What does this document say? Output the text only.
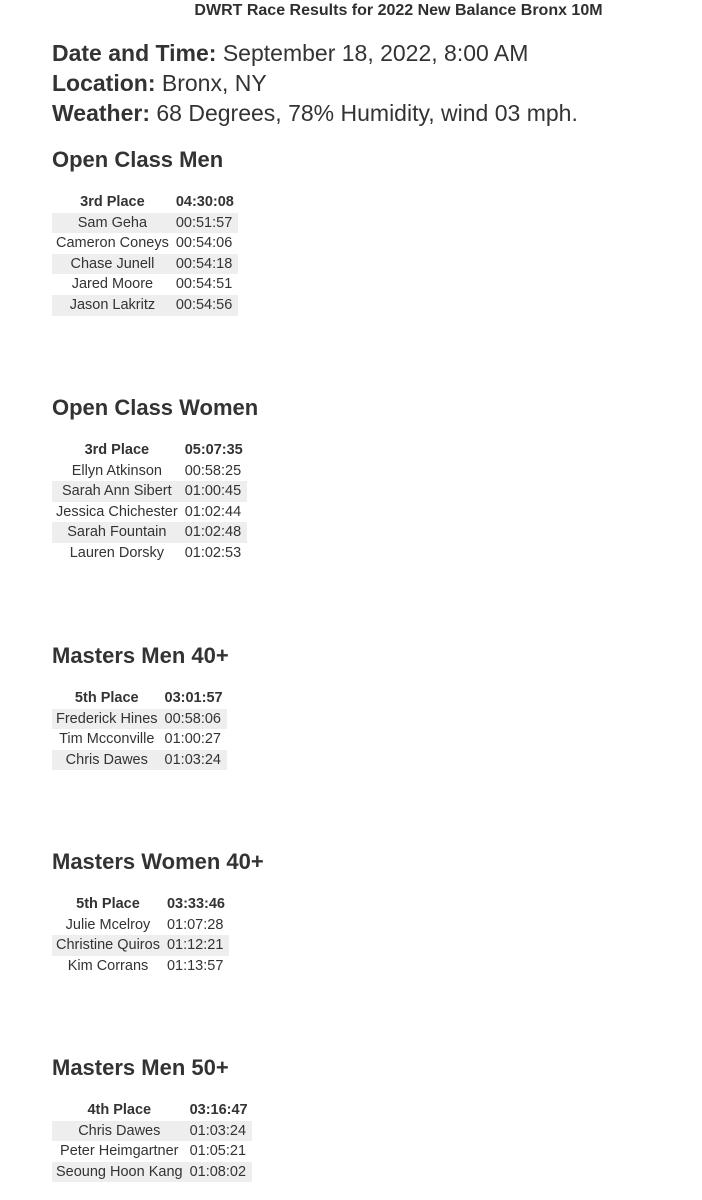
DWRT Race Results for 2022 New Balance Bronx 10M
Date and Time: September 18, 2022, 8:00 AM
Location: Bronx, NY
Weather: 68 Degrees, 78% Humidity, wind 03 mph.
Open Class Men
3rd Place	04:30:08
Sam Geha	00:51:57
Cameron Coneys	00:54:06
Chase Junell	00:54:18
Jared Moore	00:54:51
Jason Lakritz	00:54:56
Open Class Women
3rd Place	05:07:35
Ellyn Atkinson	00:58:25
Sarah Ann Sibert	01:00:45
Jessica Chichester	01:02:44
Sarah Fountain	01:02:48
Lauren Dorsky	01:02:53
Masters Men 40+
5th Place	03:01:57
Frederick Hines	00:58:06
Tim Mcconville	01:00:27
Chris Dawes	01:03:24
Masters Women 40+
5th Place	03:33:46
Julie Mcelroy	01:07:28
Christine Quiros	01:12:21
Kim Corrans	01:13:57
Masters Men 50+
4th Place	03:16:47
Chris Dawes	01:03:24
Peter Heimgartner	01:05:21
Seoung Hoon Kang	01:08:02
